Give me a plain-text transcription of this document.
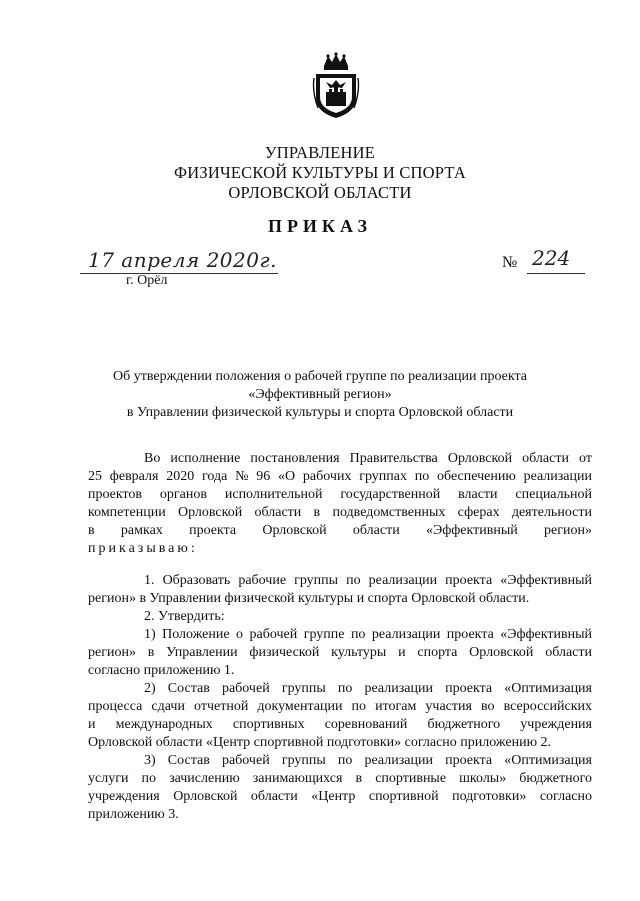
УПРАВЛЕНИЕ
ФИЗИЧЕСКОЙ КУЛЬТУРЫ И СПОРТА
ОРЛОВСКОЙ ОБЛАСТИ
ПРИКАЗ
17 апреля 2020г.
г. Орёл
№ 224
Об утверждении положения о рабочей группе по реализации проекта
«Эффективный регион»
в Управлении физической культуры и спорта Орловской области
Во исполнение постановления Правительства Орловской области от
25 февраля 2020 года № 96 «О рабочих группах по обеспечению реализации
проектов органов исполнительной государственной власти специальной
компетенции Орловской области в подведомственных сферах деятельности
в рамках проекта Орловской области «Эффективный регион»
приказываю:
1. Образовать рабочие группы по реализации проекта «Эффективный
регион» в Управлении физической культуры и спорта Орловской области.
2. Утвердить:
1) Положение о рабочей группе по реализации проекта «Эффективный
регион» в Управлении физической культуры и спорта Орловской области
согласно приложению 1.
2) Состав рабочей группы по реализации проекта «Оптимизация
процесса сдачи отчетной документации по итогам участия во всероссийских
и международных спортивных соревнований бюджетного учреждения
Орловской области «Центр спортивной подготовки» согласно приложению 2.
3) Состав рабочей группы по реализации проекта «Оптимизация
услуги по зачислению занимающихся в спортивные школы» бюджетного
учреждения Орловской области «Центр спортивной подготовки» согласно
приложению 3.
